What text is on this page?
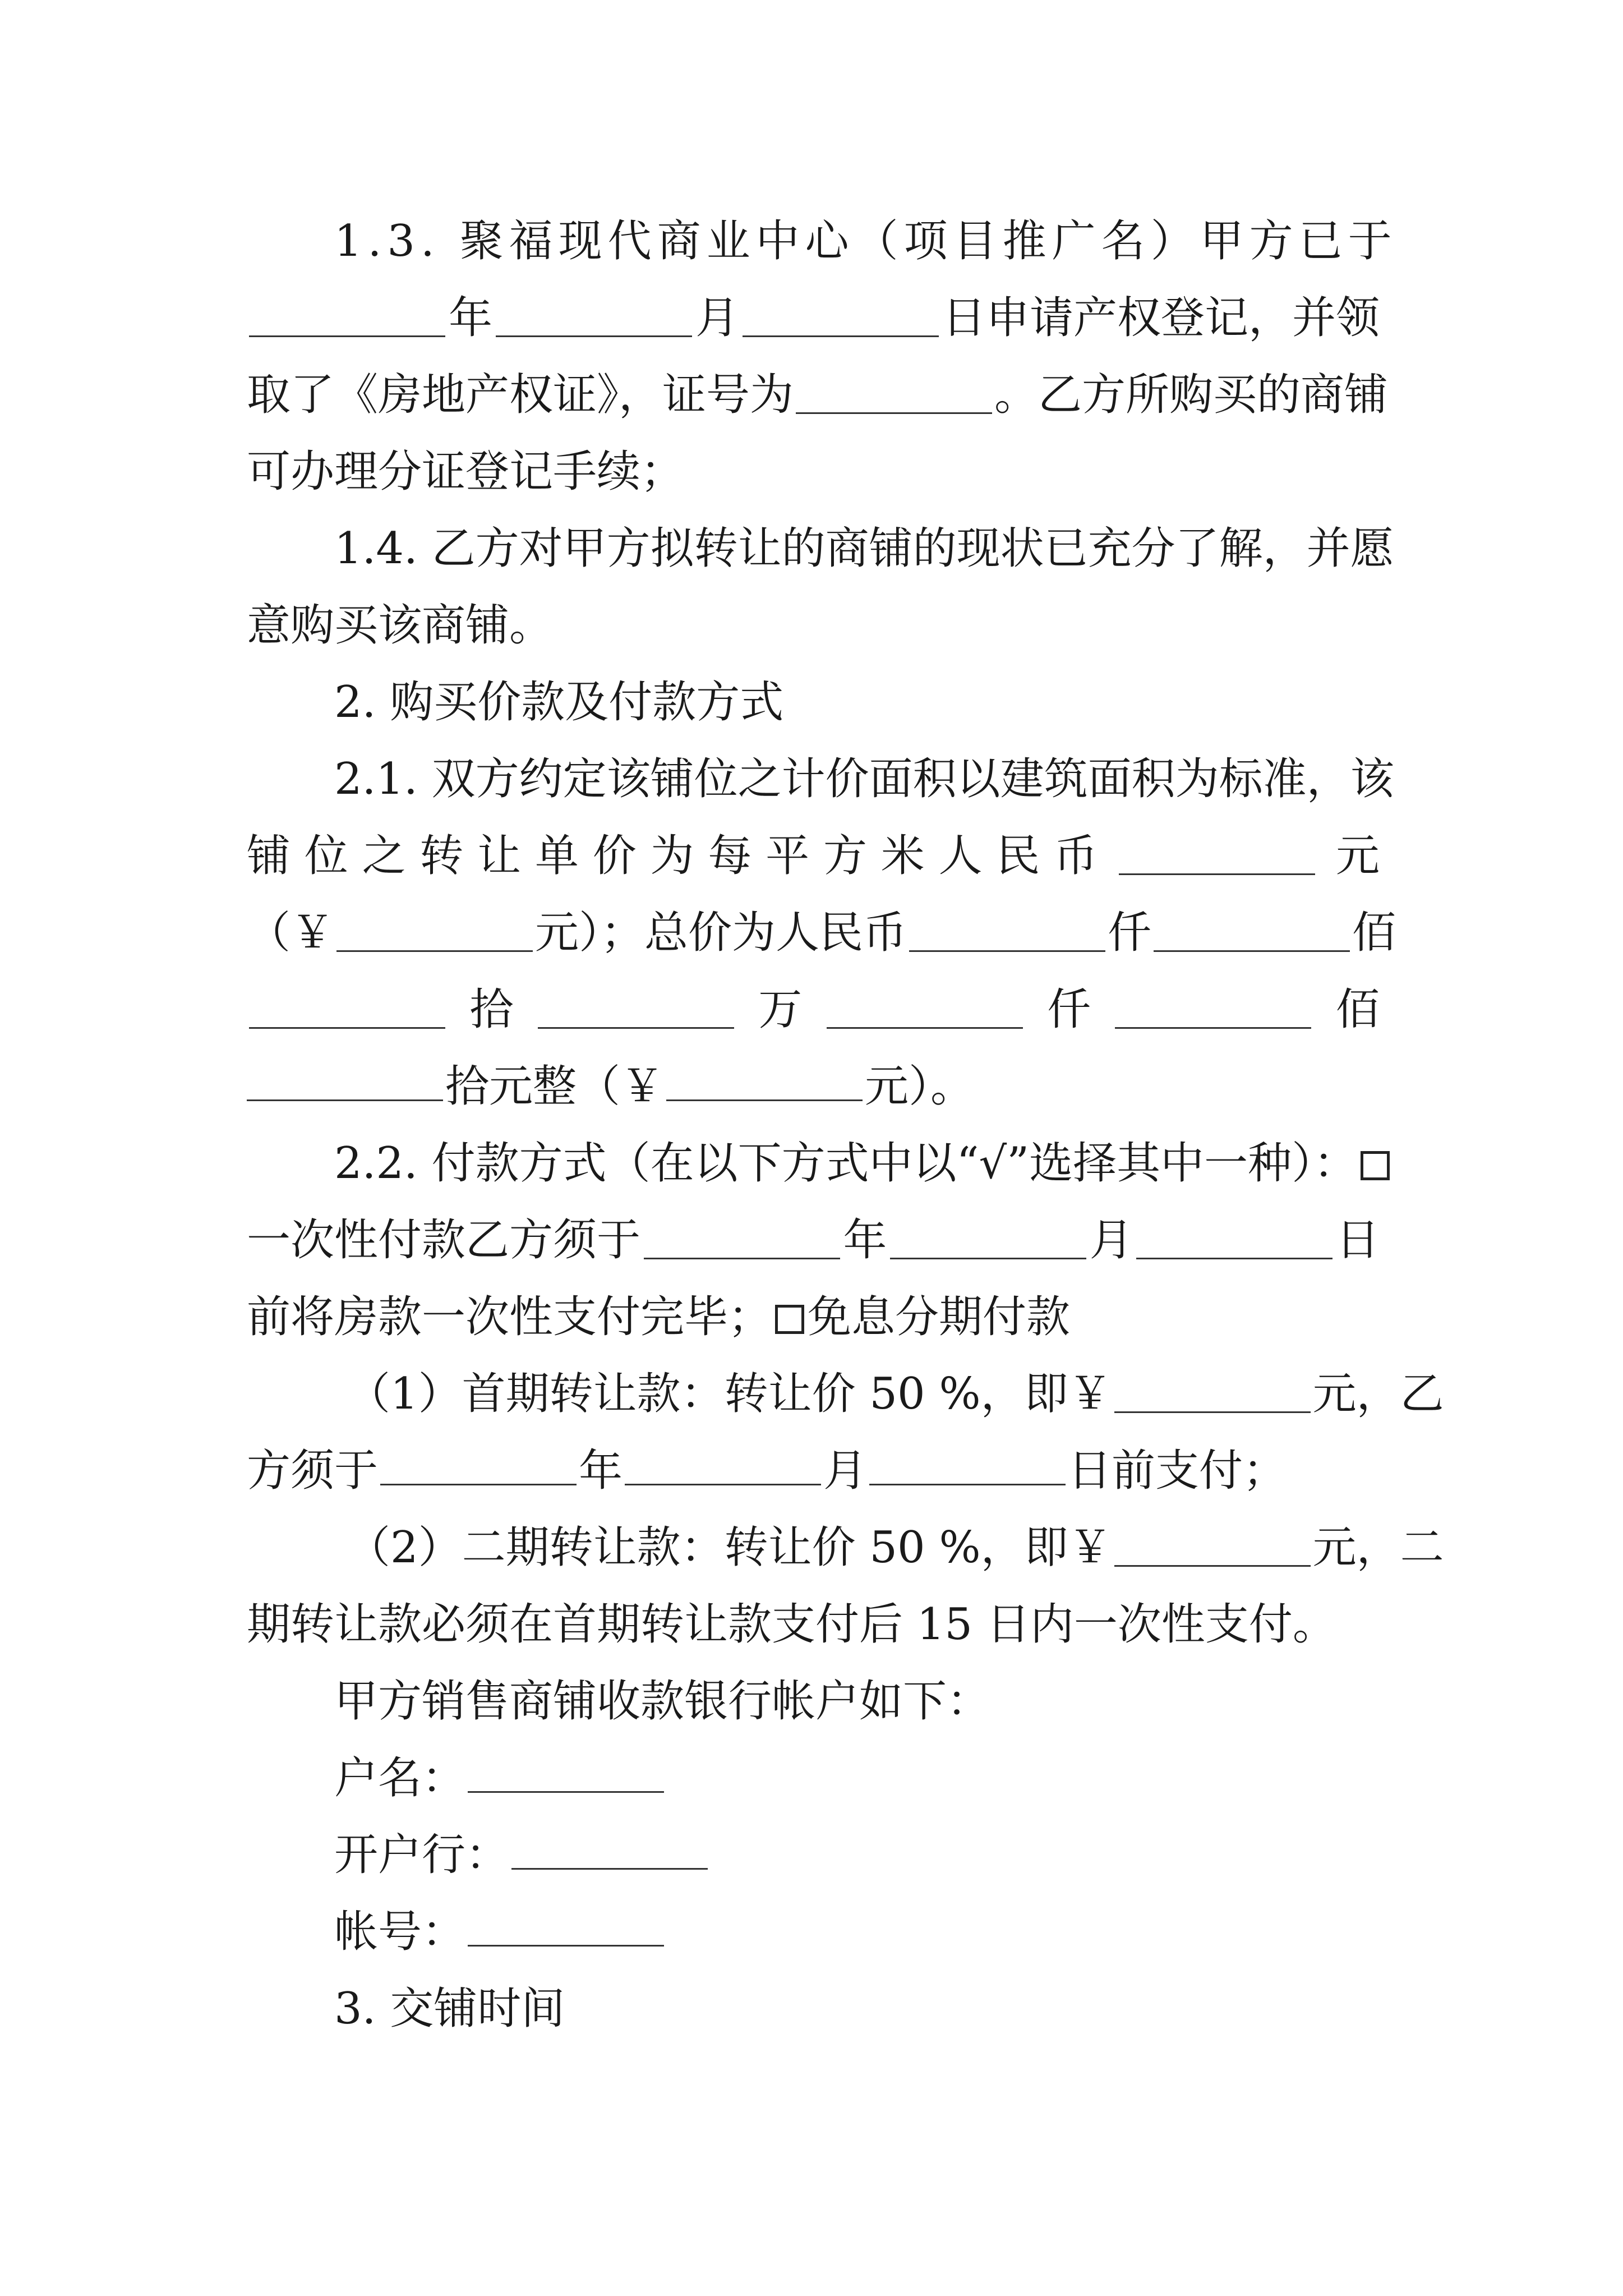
1.3. 聚福现代商业中心（项目推广名）甲方已于
年	月	日申请产权登记，并领
取了《房地产权证》，证号为	。乙方所购买的商铺
可办理分证登记手续；
1.4. 乙方对甲方拟转让的商铺的现状已充分了解，并愿
意购买该商铺。
2. 购买价款及付款方式
2.1. 双方约定该铺位之计价面积以建筑面积为标准，该
铺 位 之 转 让 单 价 为 每 平 方 米 人 民 币	元
（￥	元）；总价为人民币	仟	佰
拾	万	仟	佰
拾元整（￥	元）。
2.2. 付款方式（在以下方式中以“√”选择其中一种）：
一次性付款乙方须于	年	月	日
前将房款一次性支付完毕； 免息分期付款
（1）首期转让款：转让价 50 %，即￥	元，乙
方须于	年	月	日前支付；
（2）二期转让款：转让价 50 %，即￥	元，二
期转让款必须在首期转让款支付后 15 日内一次性支付。
甲方销售商铺收款银行帐户如下：
户名：
开户行：
帐号：
3. 交铺时间
